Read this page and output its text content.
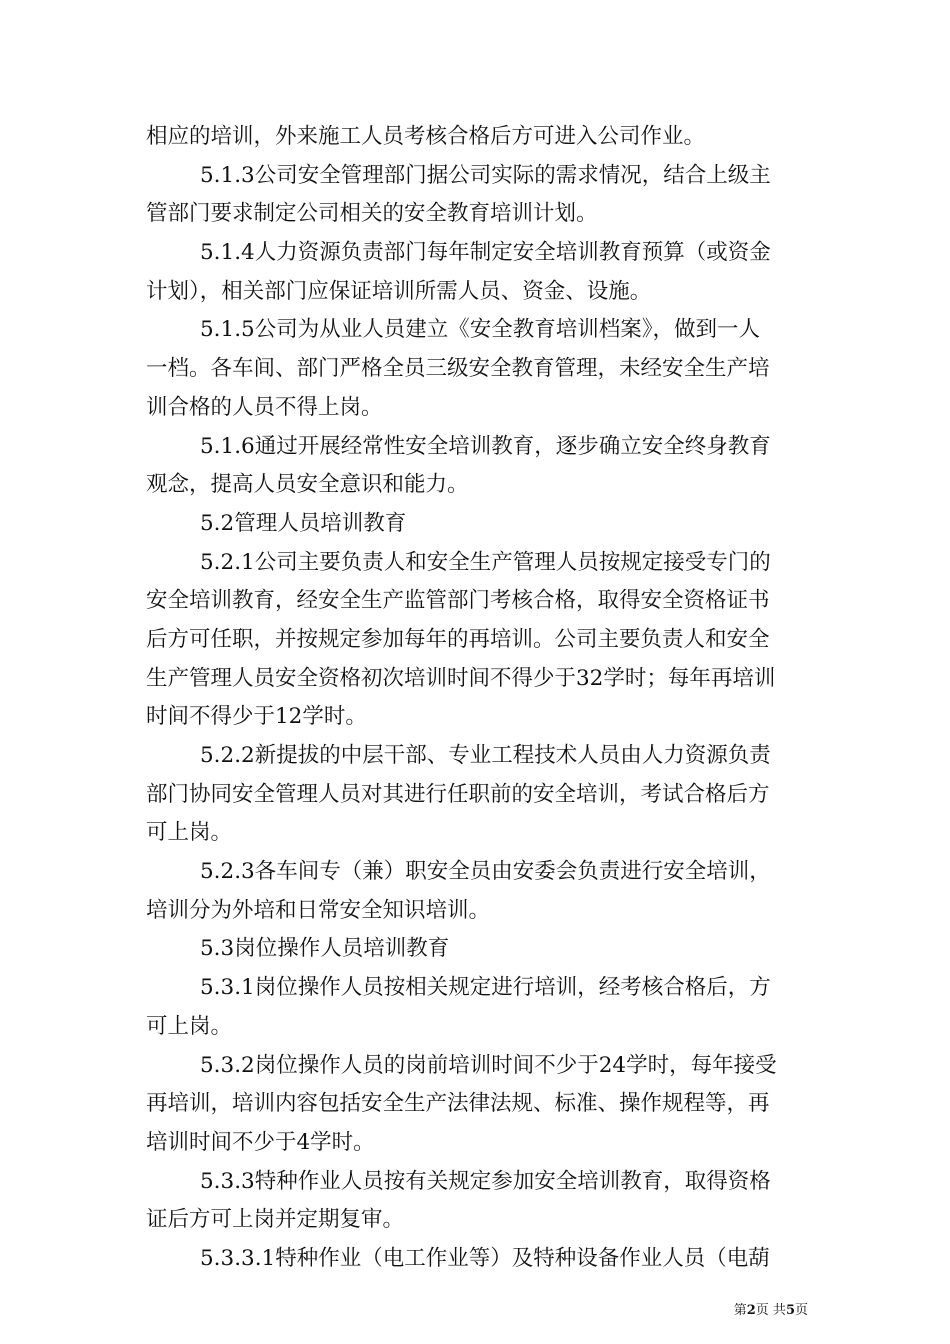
相应的培训，外来施工人员考核合格后方可进入公司作业。
5.1.3公司安全管理部门据公司实际的需求情况，结合上级主
管部门要求制定公司相关的安全教育培训计划。
5.1.4人力资源负责部门每年制定安全培训教育预算（或资金
计划），相关部门应保证培训所需人员、资金、设施。
5.1.5公司为从业人员建立《安全教育培训档案》，做到一人
一档。各车间、部门严格全员三级安全教育管理，未经安全生产培
训合格的人员不得上岗。
5.1.6通过开展经常性安全培训教育，逐步确立安全终身教育
观念，提高人员安全意识和能力。
5.2管理人员培训教育
5.2.1公司主要负责人和安全生产管理人员按规定接受专门的
安全培训教育，经安全生产监管部门考核合格，取得安全资格证书
后方可任职，并按规定参加每年的再培训。公司主要负责人和安全
生产管理人员安全资格初次培训时间不得少于32学时；每年再培训
时间不得少于12学时。
5.2.2新提拔的中层干部、专业工程技术人员由人力资源负责
部门协同安全管理人员对其进行任职前的安全培训，考试合格后方
可上岗。
5.2.3各车间专（兼）职安全员由安委会负责进行安全培训，
培训分为外培和日常安全知识培训。
5.3岗位操作人员培训教育
5.3.1岗位操作人员按相关规定进行培训，经考核合格后，方
可上岗。
5.3.2岗位操作人员的岗前培训时间不少于24学时，每年接受
再培训，培训内容包括安全生产法律法规、标准、操作规程等，再
培训时间不少于4学时。
5.3.3特种作业人员按有关规定参加安全培训教育，取得资格
证后方可上岗并定期复审。
5.3.3.1特种作业（电工作业等）及特种设备作业人员（电葫
第2页 共5页
